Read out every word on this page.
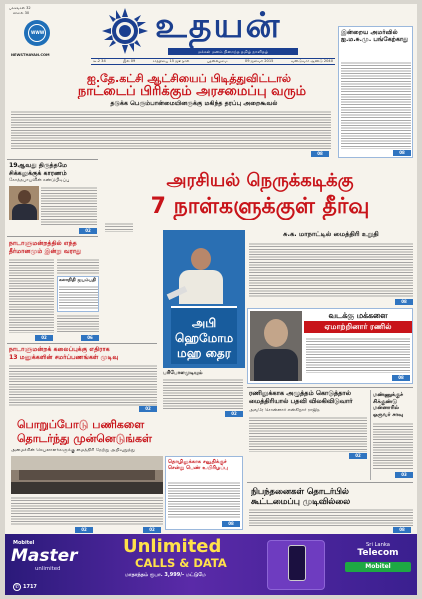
பக்கங்கள் 32
விலை 30
WWW
NEWSTHAYAN.COM
உதயன்
மக்கள் மனம் நிறைந்த தமிழ் நாளிதழ்
கூ.2 34	இல 09	சாந்தியை 15 ஜூ நாள்	புதன்கிழமை	09 ஜனவரி 2015	வண்டுவார் ஆண்டு 2040
இன்றைய அமர்வில் ஐ.ம.சு.மு. பங்கேற்காது
08
ஐ.தே.கட்சி ஆட்சியைப் பிடித்துவிட்டால்
நாட்டைப் பிரிக்கும் அரசமைப்பு வரும்
தடுக்க பெரும்பான்மையினருக்கு மகிந்த தரப்பு அறைகூவல்
08
19ஆவது திருத்தமே சிக்கலுக்குக் காரணம்
கோத்தபாயவின் கண்டுபிடிப்பு
02
அரசியல் நெருக்கடிக்கு
7 நாள்களுக்குள் தீர்வு
நாடாளுமன்றத்தில் எந்த தீர்மானமும் இன்று வராது
கலாநிதி ஜயம்பதி
02	06
அபி ஹெமோம மஹ தைர
சு.க. மாநாட்டில் மைத்திரி உறுதி
08
வடக்கு மக்களை
ஏமாற்றினார் ரணில்
08
நாடாளுமன்றக் கலைப்புக்கு எதிராக
13 மனுக்களின் சமர்ப்பணங்கள் முடிவு
02
பரிபோளமுடியும்
02
ரணிலுக்காக அழுத்தம் கொடுத்தால்
மைத்திரியால் பதவி விலகிவிடுவார்
அவரே சொன்னார் என்கிறார் ராஜித
02
மண்ணுக்குச் சிக்குண்டு மன்னாரில் ஒருவர் சாவு
03
பொறுப்போடு பணிகளை
தொடர்ந்து முன்னெடுங்கள்
அமைச்சின் செயலாளர்களுக்கு மைத்திரி நேற்று அறிவுறுத்து
02	02
தொழிலுக்காக சவூதிக்குச் சென்று பெண் உயிரிழப்பு
08
நிபந்தனைகள் தொடர்பில்
கூட்டமைப்பு முடிவில்லை
08
Mobitel
Master
unlimited
Unlimited
CALLS & DATA
மாதாந்தம் ரூபா. 3,999/- மட்டுமே
✆ 1717
Sri Lanka
Telecom
Mobitel
